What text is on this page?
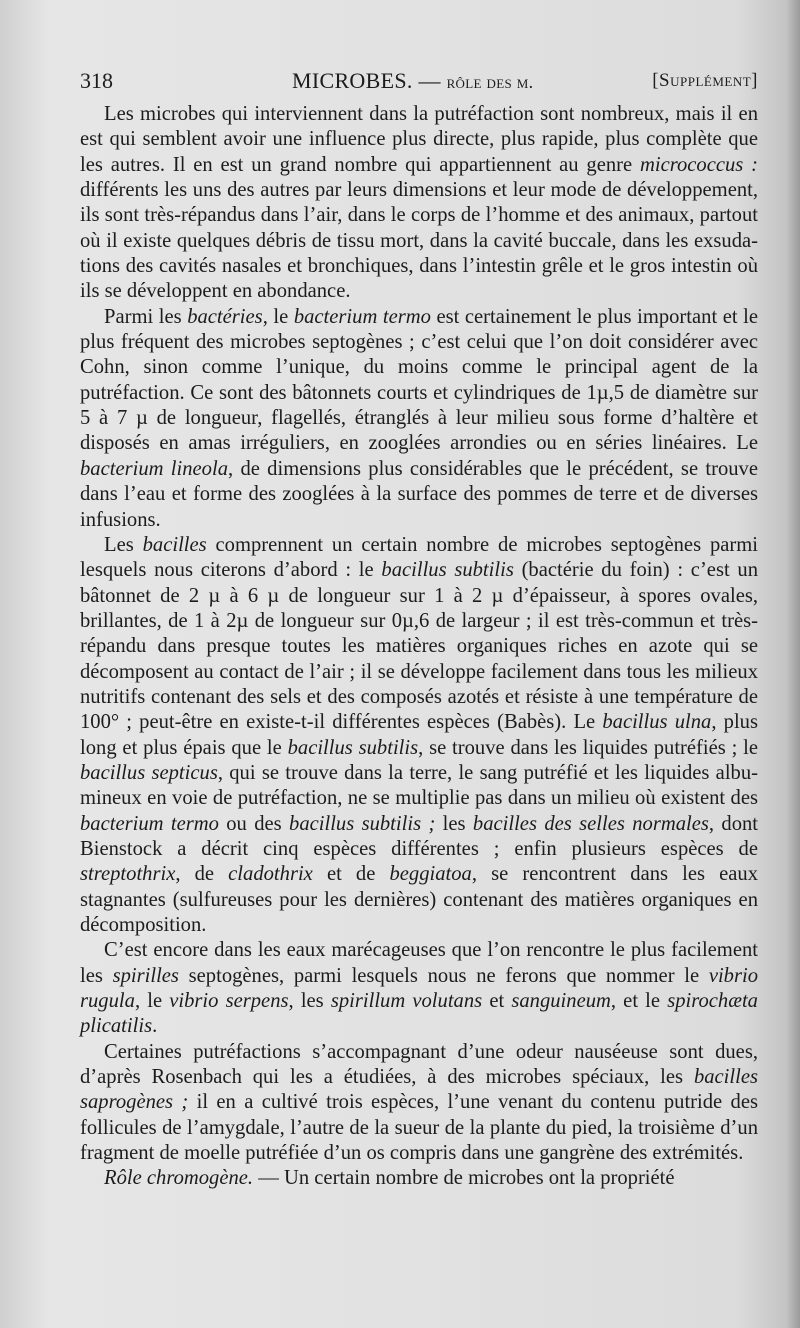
318	MICROBES. — rôle des m.	[Supplément]

Les microbes qui interviennent dans la putréfaction sont nombreux, mais il en est qui semblent avoir une influence plus directe, plus rapide, plus complète que les autres. Il en est un grand nombre qui appartiennent au genre micrococcus : différents les uns des autres par leurs dimensions et leur mode de développement, ils sont très-répandus dans l’air, dans le corps de l’homme et des animaux, partout où il existe quelques débris de tissu mort, dans la cavité buccale, dans les exsudations des cavités nasales et bronchiques, dans l’intestin grêle et le gros intestin où ils se développent en abondance.

Parmi les bactéries, le bacterium termo est certainement le plus important et le plus fréquent des microbes septogènes ; c’est celui que l’on doit considérer avec Cohn, sinon comme l’unique, du moins comme le principal agent de la putréfaction. Ce sont des bâtonnets courts et cylindriques de 1µ,5 de diamètre sur 5 à 7 µ de longueur, flagellés, étranglés à leur milieu sous forme d’haltère et disposés en amas irréguliers, en zooglées arrondies ou en séries linéaires. Le bacterium lineola, de dimensions plus considérables que le précédent, se trouve dans l’eau et forme des zooglées à la surface des pommes de terre et de diverses infusions.

Les bacilles comprennent un certain nombre de microbes septogènes parmi lesquels nous citerons d’abord : le bacillus subtilis (bactérie du foin) : c’est un bâtonnet de 2 µ à 6 µ de longueur sur 1 à 2 µ d’épaisseur, à spores ovales, brillantes, de 1 à 2µ de longueur sur 0µ,6 de largeur ; il est très-commun et très-répandu dans presque toutes les matières organiques riches en azote qui se décomposent au contact de l’air ; il se développe facilement dans tous les milieux nutritifs contenant des sels et des composés azotés et résiste à une température de 100° ; peut-être en existe-t-il différentes espèces (Babès). Le bacillus ulna, plus long et plus épais que le bacillus subtilis, se trouve dans les liquides putréfiés ; le bacillus septicus, qui se trouve dans la terre, le sang putréfié et les liquides albumineux en voie de putréfaction, ne se multiplie pas dans un milieu où existent des bacterium termo ou des bacillus subtilis ; les bacilles des selles normales, dont Bienstock a décrit cinq espèces différentes ; enfin plusieurs espèces de streptothrix, de cladothrix et de beggiatoa, se rencontrent dans les eaux stagnantes (sulfureuses pour les dernières) contenant des matières organiques en décomposition.

C’est encore dans les eaux marécageuses que l’on rencontre le plus facilement les spirilles septogènes, parmi lesquels nous ne ferons que nommer le vibrio rugula, le vibrio serpens, les spirillum volutans et sanguineum, et le spirochæta plicatilis.

Certaines putréfactions s’accompagnant d’une odeur nauséeuse sont dues, d’après Rosenbach qui les a étudiées, à des microbes spéciaux, les bacilles saprogènes ; il en a cultivé trois espèces, l’une venant du contenu putride des follicules de l’amygdale, l’autre de la sueur de la plante du pied, la troisième d’un fragment de moelle putréfiée d’un os compris dans une gangrène des extrémités.

Rôle chromogène. — Un certain nombre de microbes ont la propriété
